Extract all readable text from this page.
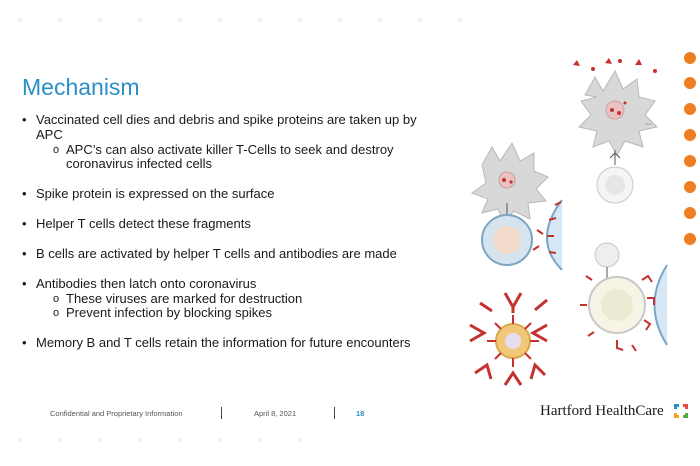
Mechanism
• Vaccinated cell dies and debris and spike proteins are taken up by APC
o APC’s can also activate killer T-Cells to seek and destroy coronavirus infected cells
• Spike protein is expressed on the surface
• Helper T cells detect these fragments
• B cells are activated by helper T cells and antibodies are made
• Antibodies then latch onto coronavirus
o These viruses are marked for destruction
o Prevent infection by blocking spikes
• Memory B and T cells retain the information for future encounters
label
Confidential and Proprietary Information	April 8, 2021	18	Hartford HealthCare
